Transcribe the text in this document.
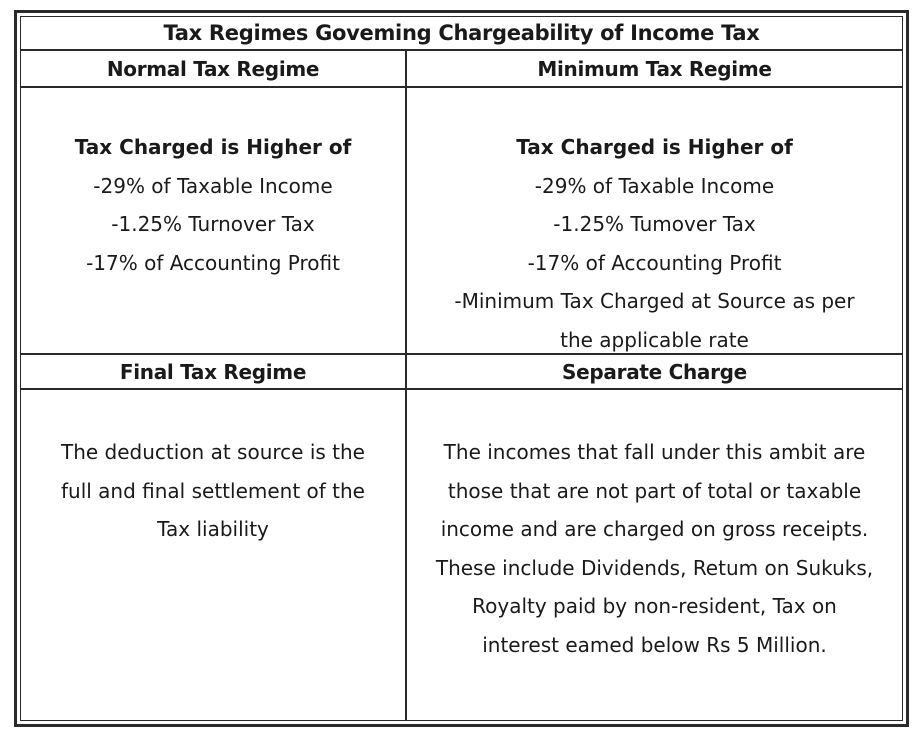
Tax Regimes Goveming Chargeability of Income Tax
Normal Tax Regime
Tax Charged is Higher of
-29% of Taxable Income
-1.25% Turnover Tax
-17% of Accounting Profit
Minimum Tax Regime
Tax Charged is Higher of
-29% of Taxable Income
-1.25% Tumover Tax
-17% of Accounting Profit
-Minimum Tax Charged at Source as per
the applicable rate
Final Tax Regime
The deduction at source is the
full and final settlement of the
Tax liability
Separate Charge
The incomes that fall under this ambit are
those that are not part of total or taxable
income and are charged on gross receipts.
These include Dividends, Retum on Sukuks,
Royalty paid by non-resident, Tax on
interest eamed below Rs 5 Million.
